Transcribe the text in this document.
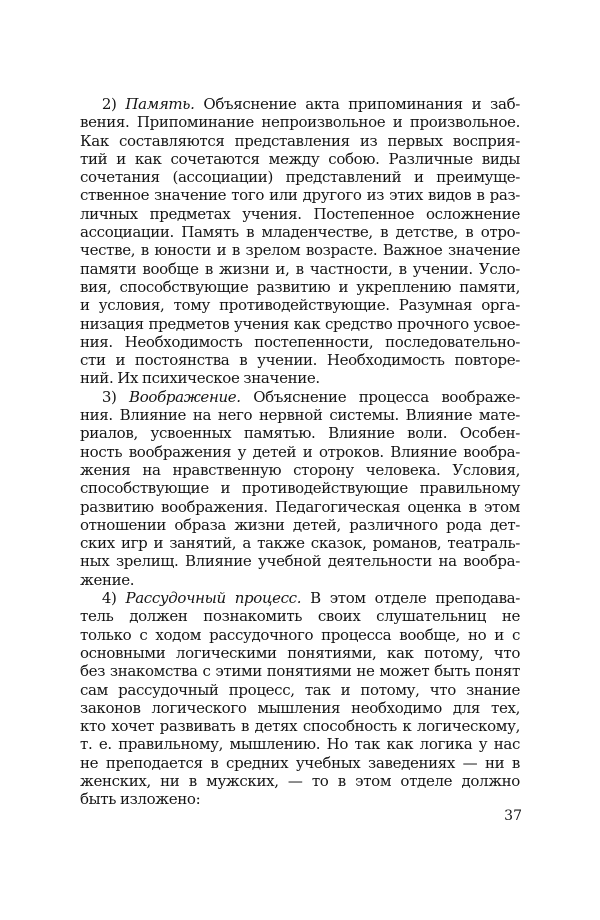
  2) Память. Объяснение акта припоминания и заб-
вения. Припоминание непроизвольное и произвольное.
Как составляются представления из первых восприя-
тий и как сочетаются между собою. Различные виды
сочетания (ассоциации) представлений и преимуще-
ственное значение того или другого из этих видов в раз-
личных предметах учения. Постепенное осложнение
ассоциации. Память в младенчестве, в детстве, в отро-
честве, в юности и в зрелом возрасте. Важное значение
памяти вообще в жизни и, в частности, в учении. Усло-
вия, способствующие развитию и укреплению памяти,
и условия, тому противодействующие. Разумная орга-
низация предметов учения как средство прочного усвое-
ния. Необходимость постепенности, последовательно-
сти и постоянства в учении. Необходимость повторе-
ний. Их психическое значение.
  3) Воображение. Объяснение процесса воображе-
ния. Влияние на него нервной системы. Влияние мате-
риалов, усвоенных памятью. Влияние воли. Особен-
ность воображения у детей и отроков. Влияние вообра-
жения на нравственную сторону человека. Условия,
способствующие и противодействующие правильному
развитию воображения. Педагогическая оценка в этом
отношении образа жизни детей, различного рода дет-
ских игр и занятий, а также сказок, романов, театраль-
ных зрелищ. Влияние учебной деятельности на вообра-
жение.
  4) Рассудочный процесс. В этом отделе преподава-
тель должен познакомить своих слушательниц не
только с ходом рассудочного процесса вообще, но и с
основными логическими понятиями, как потому, что
без знакомства с этими понятиями не может быть понят
сам рассудочный процесс, так и потому, что знание
законов логического мышления необходимо для тех,
кто хочет развивать в детях способность к логическому,
т. е. правильному, мышлению. Но так как логика у нас
не преподается в средних учебных заведениях — ни в
женских, ни в мужских, — то в этом отделе должно
быть изложено:
37
